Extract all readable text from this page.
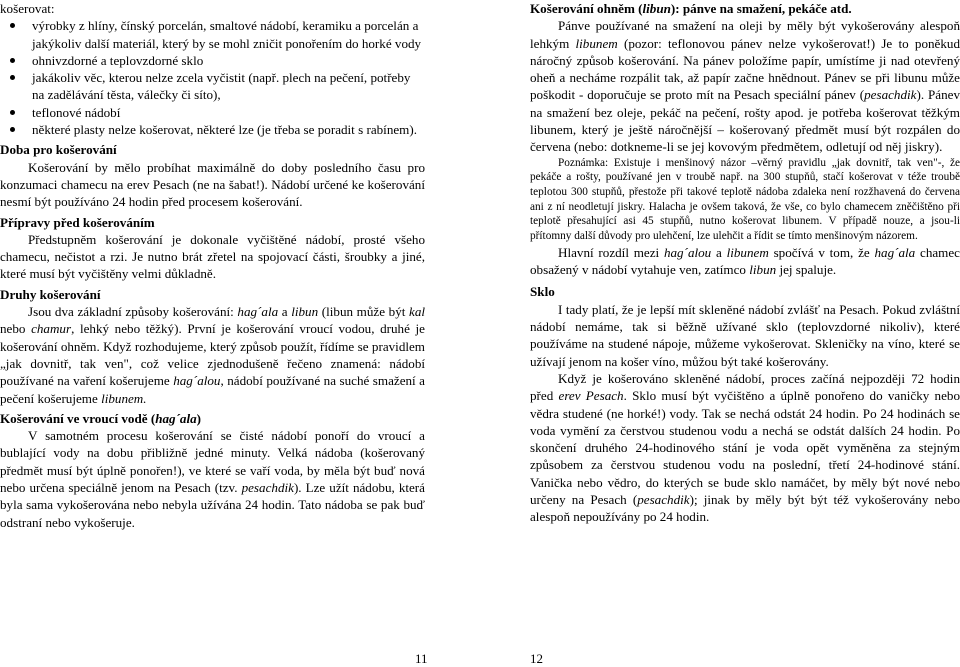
košerovat:

výrobky z hlíny, čínský porcelán, smaltové nádobí, keramiku a porcelán a jakýkoliv další materiál, který by se mohl zničit ponořením do horké vody
ohnivzdorné a teplovzdorné sklo
jakákoliv věc, kterou nelze zcela vyčistit (např. plech na pečení, potřeby na zadělávání těsta, válečky či síto),
teflonové nádobí
některé plasty nelze košerovat, některé lze (je třeba se poradit s rabínem).
Doba pro košerování

Košerování by mělo probíhat maximálně do doby posledního času pro konzumaci chamecu na erev Pesach (ne na šabat!). Nádobí určené ke košerování nesmí být používáno 24 hodin před procesem košerování.

Přípravy před košerováním

Předstupněm košerování je dokonale vyčištěné nádobí, prosté všeho chamecu, nečistot a rzi. Je nutno brát zřetel na spojovací části, šroubky a jiné, které musí být vyčištěny velmi důkladně.

Druhy košerování

Jsou dva základní způsoby košerování: hag´ala a libun (libun může být kal nebo chamur, lehký nebo těžký). První je košerování vroucí vodou, druhé je košerování ohněm. Když rozhodujeme, který způsob použít, řídíme se pravidlem „jak dovnitř, tak ven", což velice zjednodušeně řečeno znamená: nádobí používané na vaření košerujeme hag´alou, nádobí používané na suché smažení a pečení košerujeme libunem.

Košerování ve vroucí vodě (hag´ala)

V samotném procesu košerování se čisté nádobí ponoří do vroucí a bublající vody na dobu přibližně jedné minuty. Velká nádoba (košerovaný předmět musí být úplně ponořen!), ve které se vaří voda, by měla být buď nová nebo určena speciálně jenom na Pesach (tzv. pesachdik). Lze užít nádobu, která byla sama vykošerována nebo nebyla užívána 24 hodin. Tato nádoba se pak buď odstraní nebo vykošeruje.

11
Košerování ohněm (libun): pánve na smažení, pekáče atd.

Pánve používané na smažení na oleji by měly být vykošerovány alespoň lehkým libunem (pozor: teflonovou pánev nelze vykošerovat!) Je to poněkud náročný způsob košerování. Na pánev položíme papír, umístíme ji nad otevřený oheň a necháme rozpálit tak, až papír začne hnědnout. Pánev se při libunu může poškodit - doporučuje se proto mít na Pesach speciální pánev (pesachdik). Pánev na smažení bez oleje, pekáč na pečení, rošty apod. je potřeba košerovat těžkým libunem, který je ještě náročnější – košerovaný předmět musí být rozpálen do červena (nebo: dotkneme-li se jej kovovým předmětem, odletují od něj jiskry).

Poznámka: Existuje i menšinový názor –věrný pravidlu „jak dovnitř, tak ven"-, že pekáče a rošty, používané jen v troubě např. na 300 stupňů, stačí košerovat v téže troubě teplotou 300 stupňů, přestože při takové teplotě nádoba zdaleka není rozžhavená do červena ani z ní neodletují jiskry. Halacha je ovšem taková, že vše, co bylo chamecem zněčištěno při teplotě přesahující asi 45 stupňů, nutno košerovat libunem. V případě nouze, a jsou-li přítomny další důvody pro ulehčení, lze ulehčit a řídit se tímto menšinovým názorem.

Hlavní rozdíl mezi hag´alou a libunem spočívá v tom, že hag´ala chamec obsažený v nádobí vytahuje ven, zatímco libun jej spaluje.

Sklo

I tady platí, že je lepší mít skleněné nádobí zvlášť na Pesach. Pokud zvláštní nádobí nemáme, tak si běžně užívané sklo (teplovzdorné nikoliv), které používáme na studené nápoje, můžeme vykošerovat. Skleničky na víno, které se užívají jenom na košer víno, můžou být také košerovány.

Když je košerováno skleněné nádobí, proces začíná nejpozději 72 hodin před erev Pesach. Sklo musí být vyčištěno a úplně ponořeno do vaničky nebo vědra studené (ne horké!) vody. Tak se nechá odstát 24 hodin. Po 24 hodinách se voda vymění za čerstvou studenou vodu a nechá se odstát dalších 24 hodin. Po skončení druhého 24-hodinového stání je voda opět vyměněna za stejným způsobem za čerstvou studenou vodu na poslední, třetí 24-hodinové stání. Vanička nebo vědro, do kterých se bude sklo namáčet, by měly být nové nebo určeny na Pesach (pesachdik); jinak by měly být být též vykošerovány nebo alespoň nepoužívány po 24 hodin.

12
